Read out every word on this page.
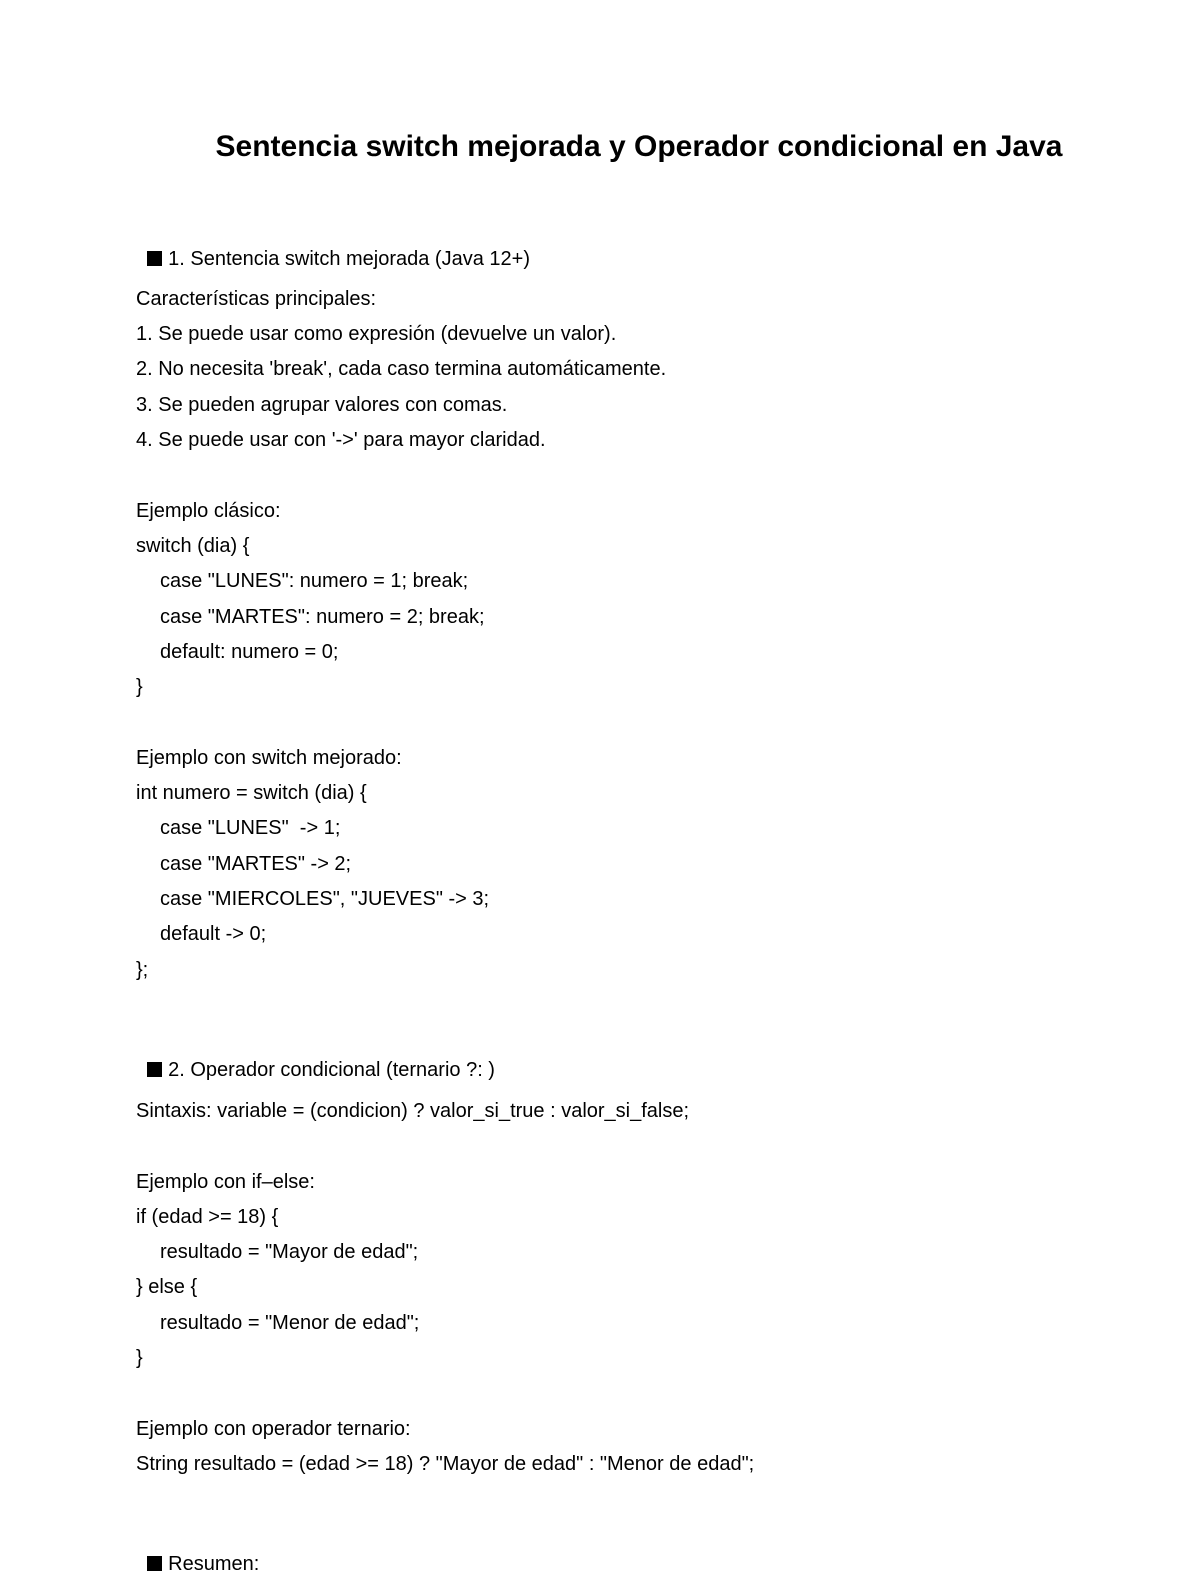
Sentencia switch mejorada y Operador condicional en Java

1. Sentencia switch mejorada (Java 12+)

Características principales:
1. Se puede usar como expresión (devuelve un valor).
2. No necesita 'break', cada caso termina automáticamente.
3. Se pueden agrupar valores con comas.
4. Se puede usar con '->' para mayor claridad.
Ejemplo clásico:
switch (dia) {
case "LUNES": numero = 1; break;
case "MARTES": numero = 2; break;
default: numero = 0;
}
Ejemplo con switch mejorado:
int numero = switch (dia) {
case "LUNES"  -> 1;
case "MARTES" -> 2;
case "MIERCOLES", "JUEVES" -> 3;
default -> 0;
};

2. Operador condicional (ternario ?: )

Sintaxis: variable = (condicion) ? valor_si_true : valor_si_false;
Ejemplo con if–else:
if (edad >= 18) {
resultado = "Mayor de edad";
} else {
resultado = "Menor de edad";
}
Ejemplo con operador ternario:
String resultado = (edad >= 18) ? "Mayor de edad" : "Menor de edad";

Resumen:
